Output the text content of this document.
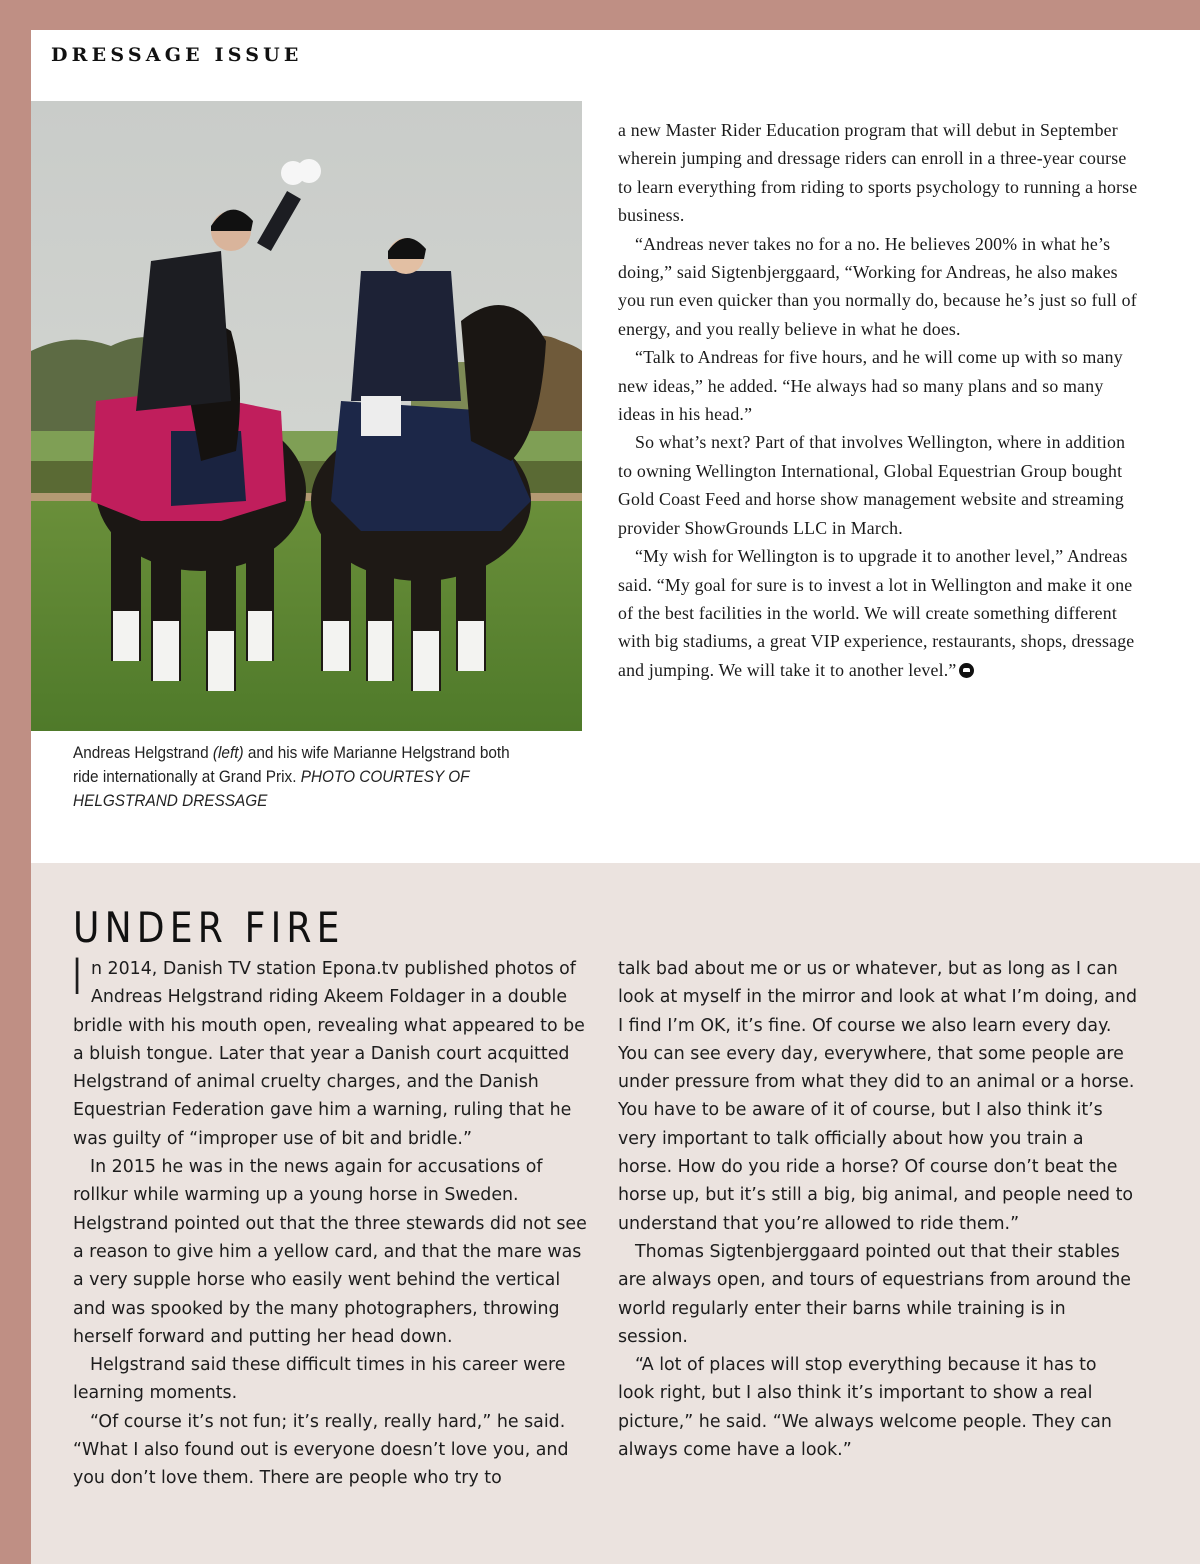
DRESSAGE ISSUE
Andreas Helgstrand (left) and his wife Marianne Helgstrand both ride internationally at Grand Prix. PHOTO COURTESY OF HELGSTRAND DRESSAGE

a new Master Rider Education program that will debut in September wherein jumping and dressage riders can enroll in a three-year course to learn everything from riding to sports psychology to running a horse business.

“Andreas never takes no for a no. He believes 200% in what he’s doing,” said Sigtenbjerggaard, “Working for Andreas, he also makes you run even quicker than you normally do, because he’s just so full of energy, and you really believe in what he does.

“Talk to Andreas for five hours, and he will come up with so many new ideas,” he added. “He always had so many plans and so many ideas in his head.”

So what’s next? Part of that involves Wellington, where in addition to owning Wellington International, Global Equestrian Group bought Gold Coast Feed and horse show management website and streaming provider ShowGrounds LLC in March.

“My wish for Wellington is to upgrade it to another level,” Andreas said. “My goal for sure is to invest a lot in Wellington and make it one of the best facilities in the world. We will create something different with big stadiums, a great VIP experience, restaurants, shops, dressage and jumping. We will take it to another level.”

UNDER FIRE

In 2014, Danish TV station Epona.tv published photos of Andreas Helgstrand riding Akeem Foldager in a double bridle with his mouth open, revealing what appeared to be a bluish tongue. Later that year a Danish court acquitted Helgstrand of animal cruelty charges, and the Danish Equestrian Federation gave him a warning, ruling that he was guilty of “improper use of bit and bridle.”

In 2015 he was in the news again for accusations of rollkur while warming up a young horse in Sweden. Helgstrand pointed out that the three stewards did not see a reason to give him a yellow card, and that the mare was a very supple horse who easily went behind the vertical and was spooked by the many photographers, throwing herself forward and putting her head down.

Helgstrand said these difficult times in his career were learning moments.

“Of course it’s not fun; it’s really, really hard,” he said. “What I also found out is everyone doesn’t love you, and you don’t love them. There are people who try to

talk bad about me or us or whatever, but as long as I can look at myself in the mirror and look at what I’m doing, and I find I’m OK, it’s fine. Of course we also learn every day. You can see every day, everywhere, that some people are under pressure from what they did to an animal or a horse. You have to be aware of it of course, but I also think it’s very important to talk officially about how you train a horse. How do you ride a horse? Of course don’t beat the horse up, but it’s still a big, big animal, and people need to understand that you’re allowed to ride them.”

Thomas Sigtenbjerggaard pointed out that their stables are always open, and tours of equestrians from around the world regularly enter their barns while training is in session.

“A lot of places will stop everything because it has to look right, but I also think it’s important to show a real picture,” he said. “We always welcome people. They can always come have a look.”
